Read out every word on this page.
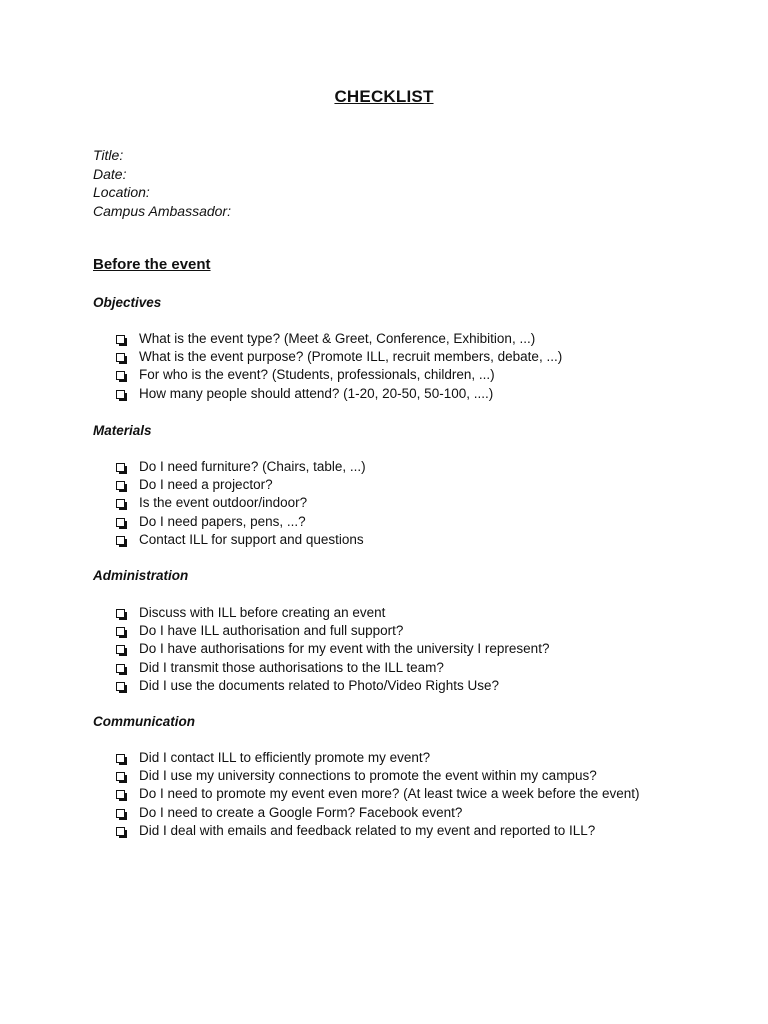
CHECKLIST
Title:
Date:
Location:
Campus Ambassador:
Before the event
Objectives
What is the event type? (Meet & Greet, Conference, Exhibition, ...)
What is the event purpose? (Promote ILL, recruit members, debate, ...)
For who is the event? (Students, professionals, children, ...)
How many people should attend? (1-20, 20-50, 50-100, ....)
Materials
Do I need furniture? (Chairs, table, ...)
Do I need a projector?
Is the event outdoor/indoor?
Do I need papers, pens, ...?
Contact ILL for support and questions
Administration
Discuss with ILL before creating an event
Do I have ILL authorisation and full support?
Do I have authorisations for my event with the university I represent?
Did I transmit those authorisations to the ILL team?
Did I use the documents related to Photo/Video Rights Use?
Communication
Did I contact ILL to efficiently promote my event?
Did I use my university connections to promote the event within my campus?
Do I need to promote my event even more? (At least twice a week before the event)
Do I need to create a Google Form? Facebook event?
Did I deal with emails and feedback related to my event and reported to ILL?
